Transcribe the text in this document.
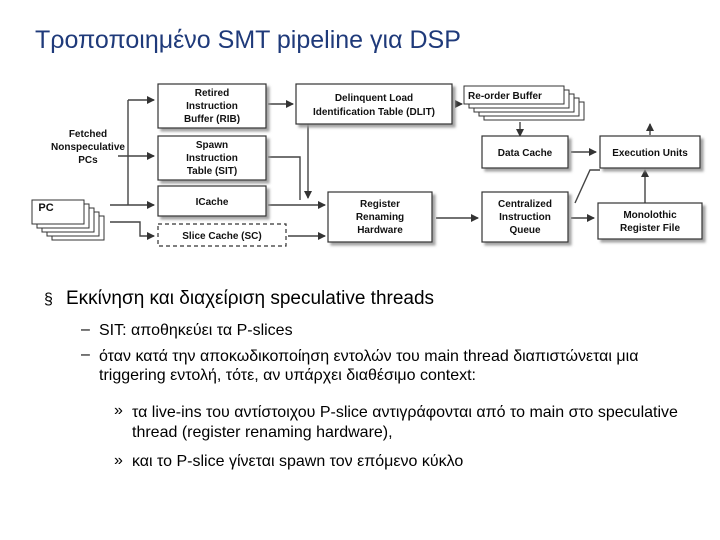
Τροποποιημένο SMT pipeline για DSP
Re-order Buffer
PC
Retired
Instruction
Buffer (RIB)
Delinquent Load
Identification Table (DLIT)
Fetched
Nonspeculative
PCs
Spawn
Instruction
Table (SIT)
ICache
Slice Cache (SC)
Register
Renaming
Hardware
Data Cache	Execution Units
Centralized
Instruction
Queue
Monolothic
Register File
§ Εκκίνηση και διαχείριση speculative threads
– SIT: αποθηκεύει τα P-slices
– όταν κατά την αποκωδικοποίηση εντολών του main thread διαπιστώνεται μια triggering εντολή, τότε, αν υπάρχει διαθέσιμο context:
» τα live-ins του αντίστοιχου P-slice αντιγράφονται από το main στο speculative thread (register renaming hardware),
» και το P-slice γίνεται spawn τον επόμενο κύκλο
